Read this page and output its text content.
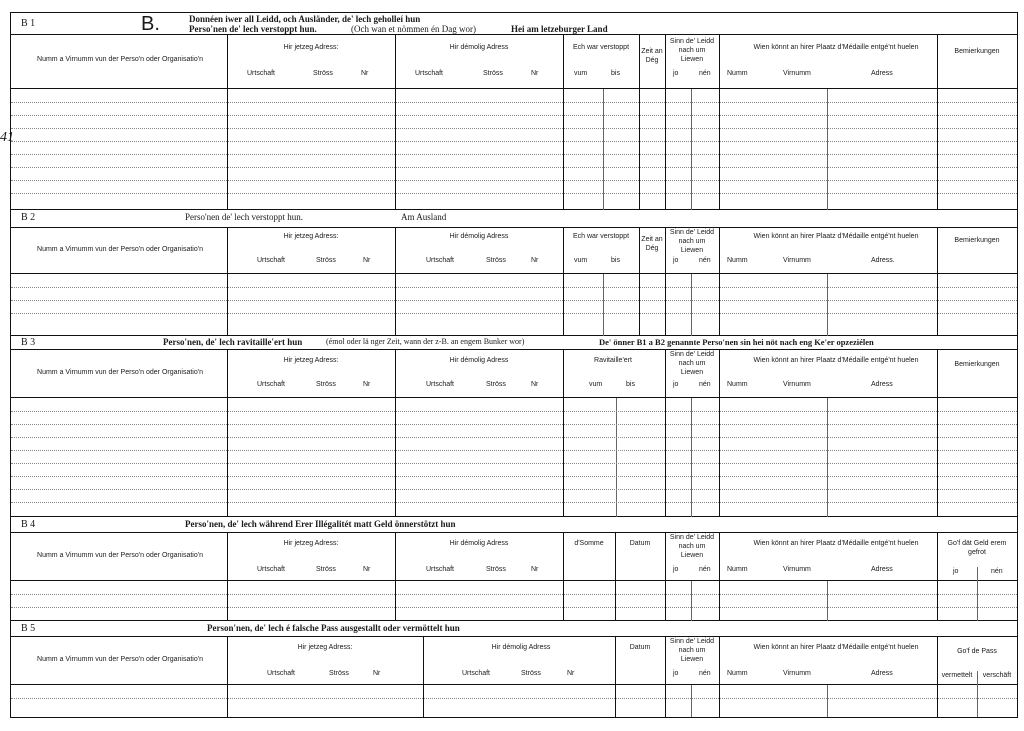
41
B 1	B.	Donnéen iwer all Leidd, och Ausländer, de' lech geholleí hun
Perso'nen de' lech verstoppt hun.	(Och wan et nömmen én Dag wor)	Hei am letzeburger Land
Numm a Virnumm vun der Perso'n oder Organisatio'n
Hir jetzeg Adress:
Urtschaft	Ströss	Nr
Hir démolig Adress
Urtschaft	Ströss	Nr
Ech war verstoppt
vum	bis
Zeit an Dég
Sinn de' Leidd nach um Liewen
jo	nén
Wien könnt an hirer Plaatz d'Médaille entgé'nt huelen
Numm	Virnumm	Adress
Bemierkungen
B 2	Perso'nen de' lech verstoppt hun.	Am Ausland
Numm a Virnumm vun der Perso'n oder Organisatio'n
Hir jetzeg Adress:
Urtschaft	Ströss	Nr
Hir démolig Adress
Urtschaft	Ströss	Nr
Ech war verstoppt
vum	bis
Zeit an Dég
Sinn de' Leidd nach um Liewen
jo	nén
Wien könnt an hirer Plaatz d'Médaille entgé'nt huelen
Numm	Virnumm	Adress.
Bemierkungen
B 3	Perso'nen, de' lech ravitaille'ert hun	(émol oder lä nger Zeit, wann der z-B. an engem Bunker wor)	De' önner B1 a B2 genannte Perso'nen sin hei nöt nach eng Ke'er opzeziélen
Numm a Virnumm vun der Perso'n oder Organisatio'n
Hir jetzeg Adress:
Urtschaft	Ströss	Nr
Hir démolig Adress
Urtschaft	Ströss	Nr
Ravitaille'ert
vum	bis
Sinn de' Leidd nach um Liewen
jo	nén
Wien könnt an hirer Plaatz d'Médaille entgé'nt huelen
Numm	Virnumm	Adress
Bemierkungen
B 4	Perso'nen, de' lech während Erer Illégalitét matt Geld önnerstötzt hun
Numm a Virnumm vun der Perso'n oder Organisatio'n
Hir jetzeg Adress:
Urtschaft	Ströss	Nr
Hir démolig Adress
Urtschaft	Ströss	Nr
d'Somme	Datum
Sinn de' Leidd nach um Liewen
jo	nén
Wien könnt an hirer Plaatz d'Médaille entgé'nt huelen
Numm	Virnumm	Adress
Go'f dät Geld erem gefrot
jo	nén
B 5	Person'nen, de' lech é falsche Pass ausgestallt oder vermöttelt hun
Numm a Virnumm vun der Perso'n oder Organisatio'n
Hir jetzeg Adress:
Urtschaft	Ströss	Nr
Hir démolig Adress
Urtschaft	Ströss	Nr
Datum
Sinn de' Leidd nach um Liewen
jo	nén
Wien könnt an hirer Plaatz d'Médaille entgé'nt huelen
Numm	Virnumm	Adress
Go'f de Pass
vermettelt	verschäft
